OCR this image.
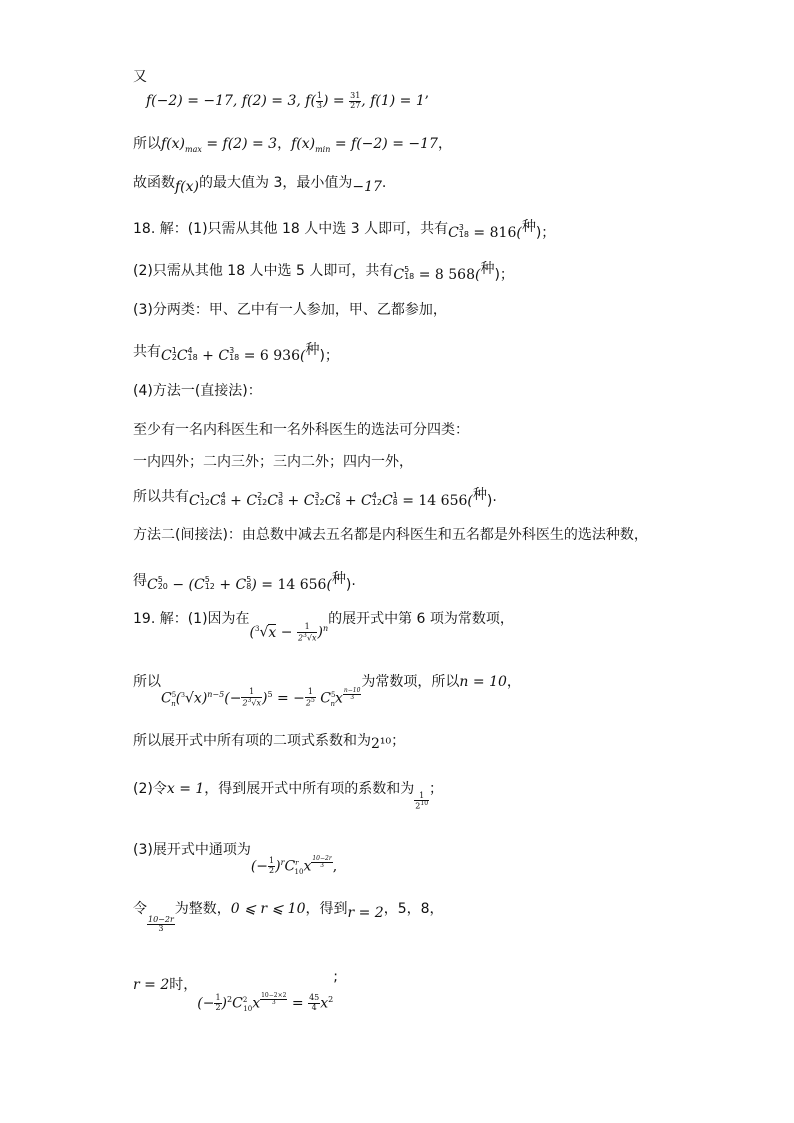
又
f(−2) = −17, f(2) = 3, $f( \frac{1}{3}$ ) = $\frac{31}{27}$ , f(1) = 1,
所以$f(x)_{max} = f(2) = 3$，$f(x)_{min} = f(-2) = -17$，
故函数f(x)的最大值为 3，最小值为−17.
18. 解：(1)只需从其他 18 人中选 3 人即可，共有C 3
18 = 816(种)；
(2)只需从其他 18 人中选 5 人即可，共有C 5
18 = 8 568(种)；
(3)分两类：甲、乙中有一人参加，甲、乙都参加，
共有C 1
2 C 4
18 + C 3
18 = 6 936(种)；
(4)方法一(直接法)：
至少有一名内科医生和一名外科医生的选法可分四类：
一内四外；二内三外；三内二外；四内一外，
所以共有C 1
12 C 4
8 + C 2
12 C 3
8 + C 3
12 C 2
8 + C 4
12 C 1
8 = 14 656(种)·
方法二(间接法)：由总数中减去五名都是内科医生和五名都是外科医生的选法种数，
得C 5
20 − (C 5
12 + C 5
8 ) = 14 656(种)·
19. 解：(1)因为在$(^3√x - \frac{1}{2^3√x} )^n$的展开式中第 6 项为常数项，
所以$C^5_n(^3√x)^{n-5}(- \frac{1}{2^3√x} )^5$ = − $\frac{1}{2^5} C^5_nx$ $^{\frac{n-10}{3}}$
为常数项，所以n = 10，
所以展开式中所有项的二项式系数和为2¹⁰；
(2)令x = 1，得到展开式中所有项的系数和为
$\frac{1}{2^{10}}$
；
(3)展开式中通项为(− $\frac{1}{2} )^rC^r_{10}x$ $^{\frac{10-2r}{3}}$ ,
令
$\frac{10-2r}{3}$
为整数，0 ⩽ r ⩽ 10，得到r = 2，5，8，
r = 2时，(− $\frac{1}{2} )^2C^2_{10}x$ $^{\frac{10-2\times 2}{3}} = \frac{45}{4} x^2$;
